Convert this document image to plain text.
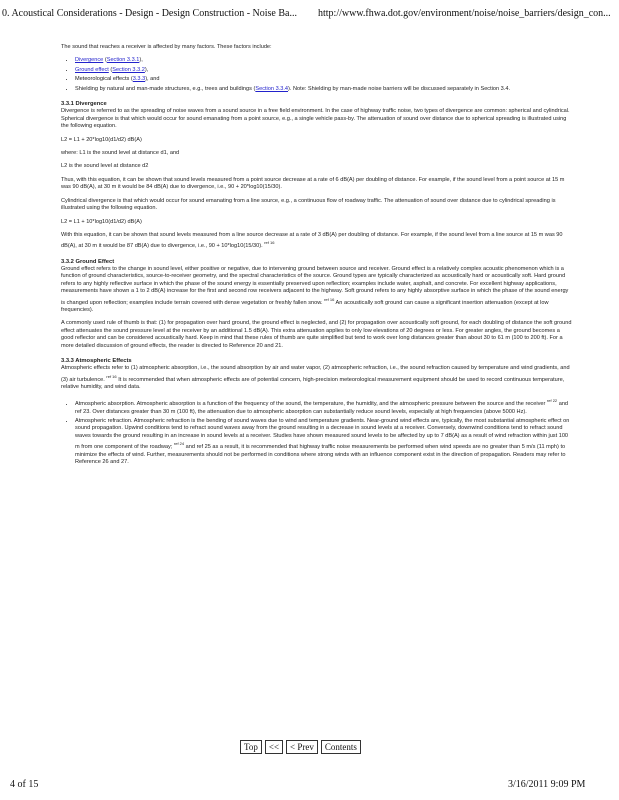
0. Acoustical Considerations - Design - Design Construction - Noise Ba... http://www.fhwa.dot.gov/environment/noise/noise_barriers/design_con...

The sound that reaches a receiver is affected by many factors. These factors include:

• Divergence (Section 3.3.1),
• Ground effect (Section 3.3.2),
• Meteorological effects (3.3.3), and
• Shielding by natural and man-made structures, e.g., trees and buildings (Section 3.3.4). Note: Shielding by man-made noise barriers will be discussed separately in Section 3.4.
3.3.1 Divergence

Divergence is referred to as the spreading of noise waves from a sound source in a free field environment. In the case of highway traffic noise, two types of divergence are common: spherical and cylindrical. Spherical divergence is that which would occur for sound emanating from a point source, e.g., a single vehicle pass-by. The attenuation of sound over distance due to spherical spreading is illustrated using the following equation.

L2 = L1 + 20*log10(d1/d2) dB(A)

where: L1 is the sound level at distance d1, and

L2 is the sound level at distance d2

Thus, with this equation, it can be shown that sound levels measured from a point source decrease at a rate of 6 dB(A) per doubling of distance. For example, if the sound level from a point source at 15 m was 90 dB(A), at 30 m it would be 84 dB(A) due to divergence, i.e., 90 + 20*log10(15/30).

Cylindrical divergence is that which would occur for sound emanating from a line source, e.g., a continuous flow of roadway traffic. The attenuation of sound over distance due to cylindrical spreading is illustrated using the following equation.

L2 = L1 + 10*log10(d1/d2) dB(A)

With this equation, it can be shown that sound levels measured from a line source decrease at a rate of 3 dB(A) per doubling of distance. For example, if the sound level from a line source at 15 m was 90 dB(A), at 30 m it would be 87 dB(A) due to divergence, i.e., 90 + 10*log10(15/30). $^{ref 16}$

3.3.2 Ground Effect

Ground effect refers to the change in sound level, either positive or negative, due to intervening ground between source and receiver. Ground effect is a relatively complex acoustic phenomenon which is a function of ground characteristics, source-to-receiver geometry, and the spectral characteristics of the source. Ground types are typically characterized as acoustically hard or acoustically soft. Hard ground refers to any highly reflective surface in which the phase of the sound energy is essentially preserved upon reflection; examples include water, asphalt, and concrete. For excellent highway applications, measurements have shown a 1 to 2 dB(A) increase for the first and second row receivers adjacent to the highway. Soft ground refers to any highly absorptive surface in which the phase of the sound energy is changed upon reflection; examples include terrain covered with dense vegetation or freshly fallen snow. $^{ref 16}$ An acoustically soft ground can cause a significant insertion attenuation (except at low frequencies).

A commonly used rule of thumb is that: (1) for propagation over hard ground, the ground effect is neglected, and (2) for propagation over acoustically soft ground, for each doubling of distance the soft ground effect attenuates the sound pressure level at the receiver by an additional 1.5 dB(A). This extra attenuation applies to only low elevations of 20 degrees or less. For greater angles, the ground becomes a good reflector and can be considered acoustically hard. Keep in mind that these rules of thumb are quite simplified but tend to work over long distances greater than about 30 to 61 m (100 to 200 ft). For a more detailed discussion of ground effects, the reader is directed to Reference 20 and 21.

3.3.3 Atmospheric Effects

Atmospheric effects refer to (1) atmospheric absorption, i.e., the sound absorption by air and water vapor, (2) atmospheric refraction, i.e., the sound refraction caused by temperature and wind gradients, and (3) air turbulence. $^{ref 16}$ It is recommended that when atmospheric effects are of potential concern, high-precision meteorological measurement equipment should be used to record continuous temperature, relative humidity, and wind data.

• Atmospheric absorption. Atmospheric absorption is a function of the frequency of the sound, the temperature, the humidity, and the atmospheric pressure between the source and the receiver $^{ref 22}$ and ref 23. Over distances greater than 30 m (100 ft), the attenuation due to atmospheric absorption can substantially reduce sound levels, especially at high frequencies (above 5000 Hz).
• Atmospheric refraction. Atmospheric refraction is the bending of sound waves due to wind and temperature gradients. Near-ground wind effects are, typically, the most substantial atmospheric effect on sound propagation. Upwind conditions tend to refract sound waves away from the ground resulting in a decrease in sound levels at a receiver. Conversely, downwind conditions tend to refract sound waves towards the ground resulting in an increase in sound levels at a receiver. Studies have shown measured sound levels to be affected by up to 7 dB(A) as a result of wind refraction within just 100 m from one component of the roadway; $^{ref 24}$ and ref 25 as a result, it is recommended that highway traffic noise measurements be performed when wind speeds are no greater than 5 m/s (11 mph) to minimize the effects of wind. Further, measurements should not be performed in conditions where strong winds with an influence component exist in the direction of propagation. Readers may refer to Reference 26 and 27.
Top	<<	< Prev	Contents
4 of 15	3/16/2011 9:09 PM
